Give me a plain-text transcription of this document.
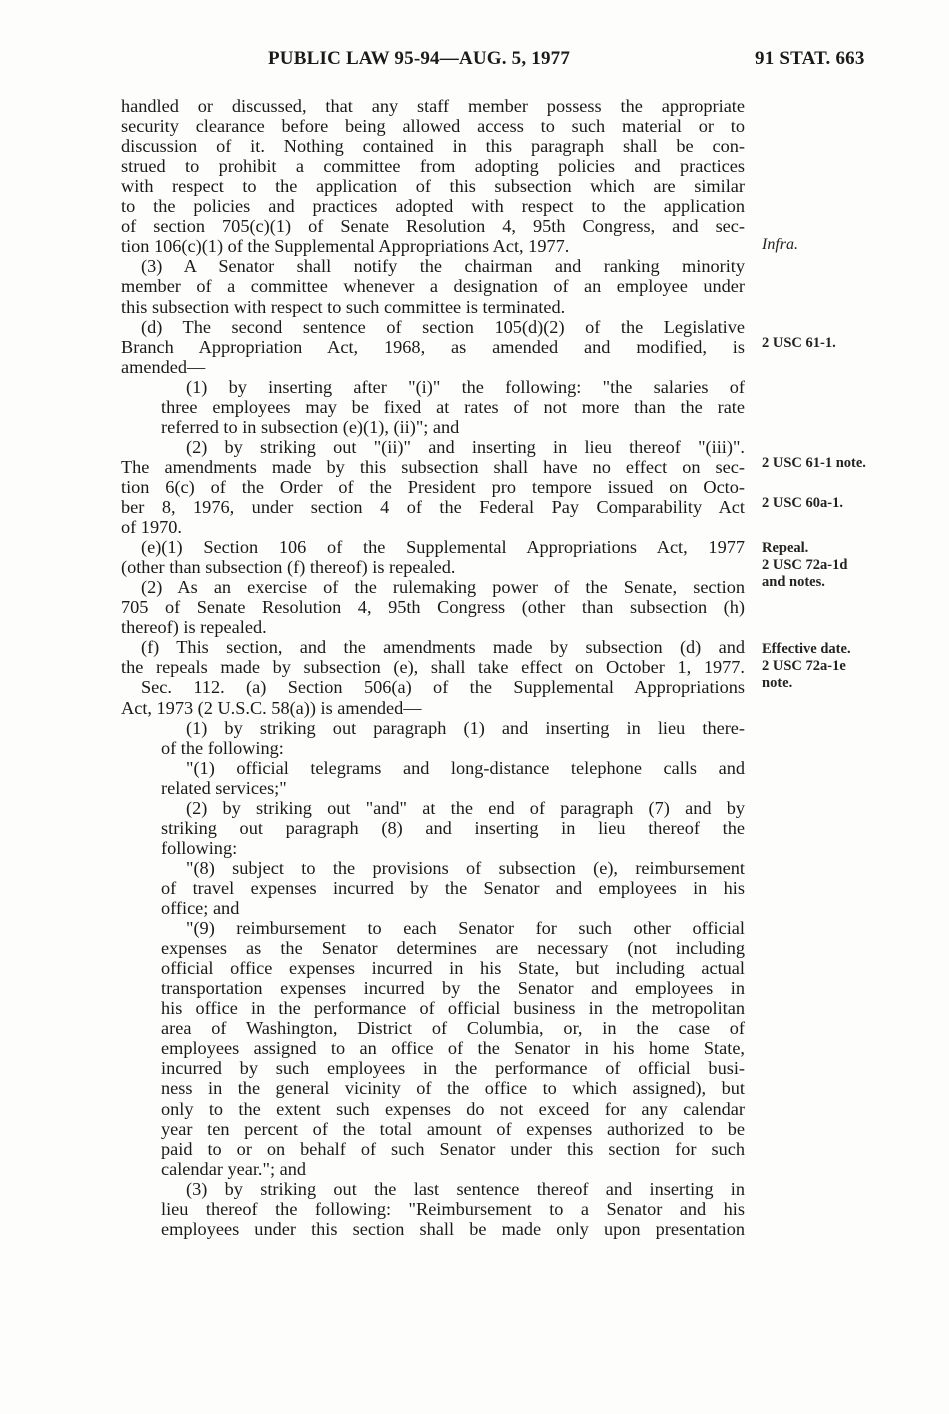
PUBLIC LAW 95-94—AUG. 5, 1977	91 STAT. 663
handled or discussed, that any staff member possess the appropriate
security clearance before being allowed access to such material or to
discussion of it. Nothing contained in this paragraph shall be con-
strued to prohibit a committee from adopting policies and practices
with respect to the application of this subsection which are similar
to the policies and practices adopted with respect to the application
of section 705(c)(1) of Senate Resolution 4, 95th Congress, and sec-
tion 106(c)(1) of the Supplemental Appropriations Act, 1977.
(3) A Senator shall notify the chairman and ranking minority
member of a committee whenever a designation of an employee under
this subsection with respect to such committee is terminated.
(d) The second sentence of section 105(d)(2) of the Legislative
Branch Appropriation Act, 1968, as amended and modified, is
amended—
(1) by inserting after "(i)" the following: "the salaries of
three employees may be fixed at rates of not more than the rate
referred to in subsection (e)(1), (ii)"; and
(2) by striking out "(ii)" and inserting in lieu thereof "(iii)".
The amendments made by this subsection shall have no effect on sec-
tion 6(c) of the Order of the President pro tempore issued on Octo-
ber 8, 1976, under section 4 of the Federal Pay Comparability Act
of 1970.
(e)(1) Section 106 of the Supplemental Appropriations Act, 1977
(other than subsection (f) thereof) is repealed.
(2) As an exercise of the rulemaking power of the Senate, section
705 of Senate Resolution 4, 95th Congress (other than subsection (h)
thereof) is repealed.
(f) This section, and the amendments made by subsection (d) and
the repeals made by subsection (e), shall take effect on October 1, 1977.
Sec. 112. (a) Section 506(a) of the Supplemental Appropriations
Act, 1973 (2 U.S.C. 58(a)) is amended—
(1) by striking out paragraph (1) and inserting in lieu there-
of the following:
"(1) official telegrams and long-distance telephone calls and
related services;"
(2) by striking out "and" at the end of paragraph (7) and by
striking out paragraph (8) and inserting in lieu thereof the
following:
"(8) subject to the provisions of subsection (e), reimbursement
of travel expenses incurred by the Senator and employees in his
office; and
"(9) reimbursement to each Senator for such other official
expenses as the Senator determines are necessary (not including
official office expenses incurred in his State, but including actual
transportation expenses incurred by the Senator and employees in
his office in the performance of official business in the metropolitan
area of Washington, District of Columbia, or, in the case of
employees assigned to an office of the Senator in his home State,
incurred by such employees in the performance of official busi-
ness in the general vicinity of the office to which assigned), but
only to the extent such expenses do not exceed for any calendar
year ten percent of the total amount of expenses authorized to be
paid to or on behalf of such Senator under this section for such
calendar year."; and
(3) by striking out the last sentence thereof and inserting in
lieu thereof the following: "Reimbursement to a Senator and his
employees under this section shall be made only upon presentation
Infra.
2 USC 61-1.
2 USC 61-1 note.
2 USC 60a-1.
Repeal.
2 USC 72a-1d
and notes.
Effective date.
2 USC 72a-1e
note.
